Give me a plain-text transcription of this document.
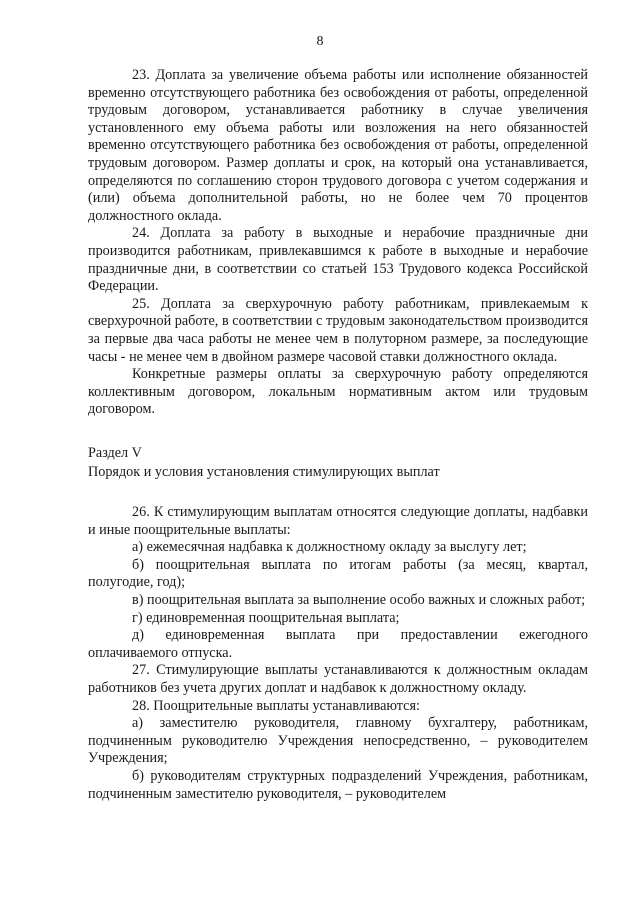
8

23. Доплата за увеличение объема работы или исполнение обязанностей временно отсутствующего работника без освобождения от работы, определенной трудовым договором, устанавливается работнику в случае увеличения установленного ему объема работы или возложения на него обязанностей временно отсутствующего работника без освобождения от работы, определенной трудовым договором. Размер доплаты и срок, на который она устанавливается, определяются по соглашению сторон трудового договора с учетом содержания и (или) объема дополнительной работы, но не более чем 70 процентов должностного оклада.

24. Доплата за работу в выходные и нерабочие праздничные дни производится работникам, привлекавшимся к работе в выходные и нерабочие праздничные дни, в соответствии со статьей 153 Трудового кодекса Российской Федерации.

25. Доплата за сверхурочную работу работникам, привлекаемым к сверхурочной работе, в соответствии с трудовым законодательством производится за первые два часа работы не менее чем в полуторном размере, за последующие часы - не менее чем в двойном размере часовой ставки должностного оклада.

Конкретные размеры оплаты за сверхурочную работу определяются коллективным договором, локальным нормативным актом или трудовым договором.

Раздел V

Порядок и условия установления стимулирующих выплат

26. К стимулирующим выплатам относятся следующие доплаты, надбавки и иные поощрительные выплаты:

а) ежемесячная надбавка к должностному окладу за выслугу лет;

б) поощрительная выплата по итогам работы (за месяц, квартал, полугодие, год);

в) поощрительная выплата за выполнение особо важных и сложных работ;

г) единовременная поощрительная выплата;

д) единовременная выплата при предоставлении ежегодного оплачиваемого отпуска.

27. Стимулирующие выплаты устанавливаются к должностным окладам работников без учета других доплат и надбавок к должностному окладу.

28. Поощрительные выплаты устанавливаются:

а) заместителю руководителя, главному бухгалтеру, работникам, подчиненным руководителю Учреждения непосредственно, – руководителем Учреждения;

б) руководителям структурных подразделений Учреждения, работникам, подчиненным заместителю руководителя, – руководителем
